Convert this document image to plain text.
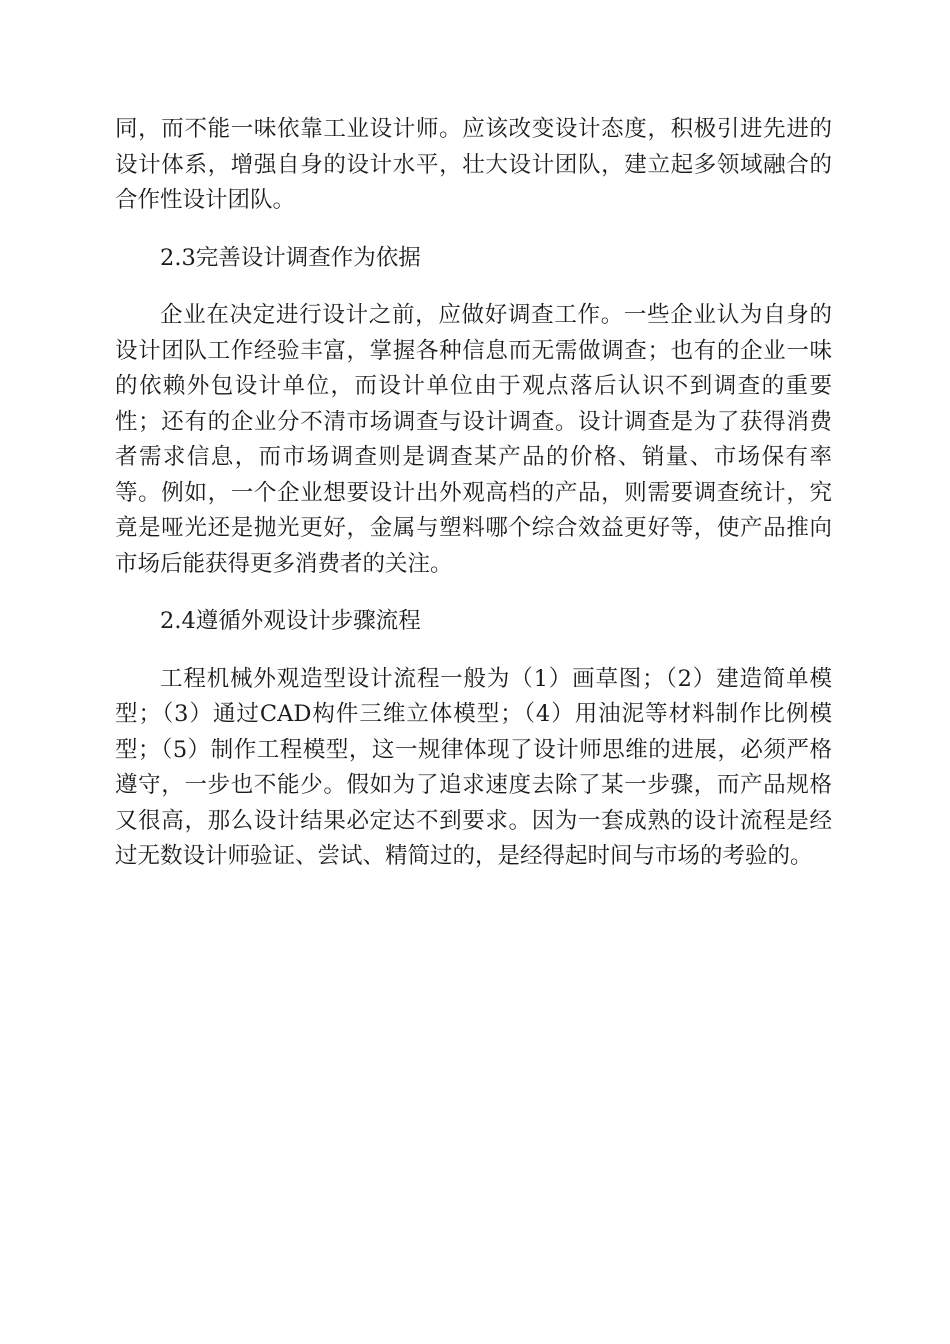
同，而不能一味依靠工业设计师。应该改变设计态度，积极引进先进的设计体系，增强自身的设计水平，壮大设计团队，建立起多领域融合的合作性设计团队。

2.3完善设计调查作为依据

企业在决定进行设计之前，应做好调查工作。一些企业认为自身的设计团队工作经验丰富，掌握各种信息而无需做调查；也有的企业一味的依赖外包设计单位，而设计单位由于观点落后认识不到调查的重要性；还有的企业分不清市场调查与设计调查。设计调查是为了获得消费者需求信息，而市场调查则是调查某产品的价格、销量、市场保有率等。例如，一个企业想要设计出外观高档的产品，则需要调查统计，究竟是哑光还是抛光更好，金属与塑料哪个综合效益更好等，使产品推向市场后能获得更多消费者的关注。

2.4遵循外观设计步骤流程

工程机械外观造型设计流程一般为（1）画草图；（2）建造简单模型；（3）通过CAD构件三维立体模型；（4）用油泥等材料制作比例模型；（5）制作工程模型，这一规律体现了设计师思维的进展，必须严格遵守，一步也不能少。假如为了追求速度去除了某一步骤，而产品规格又很高，那么设计结果必定达不到要求。因为一套成熟的设计流程是经过无数设计师验证、尝试、精简过的，是经得起时间与市场的考验的。
